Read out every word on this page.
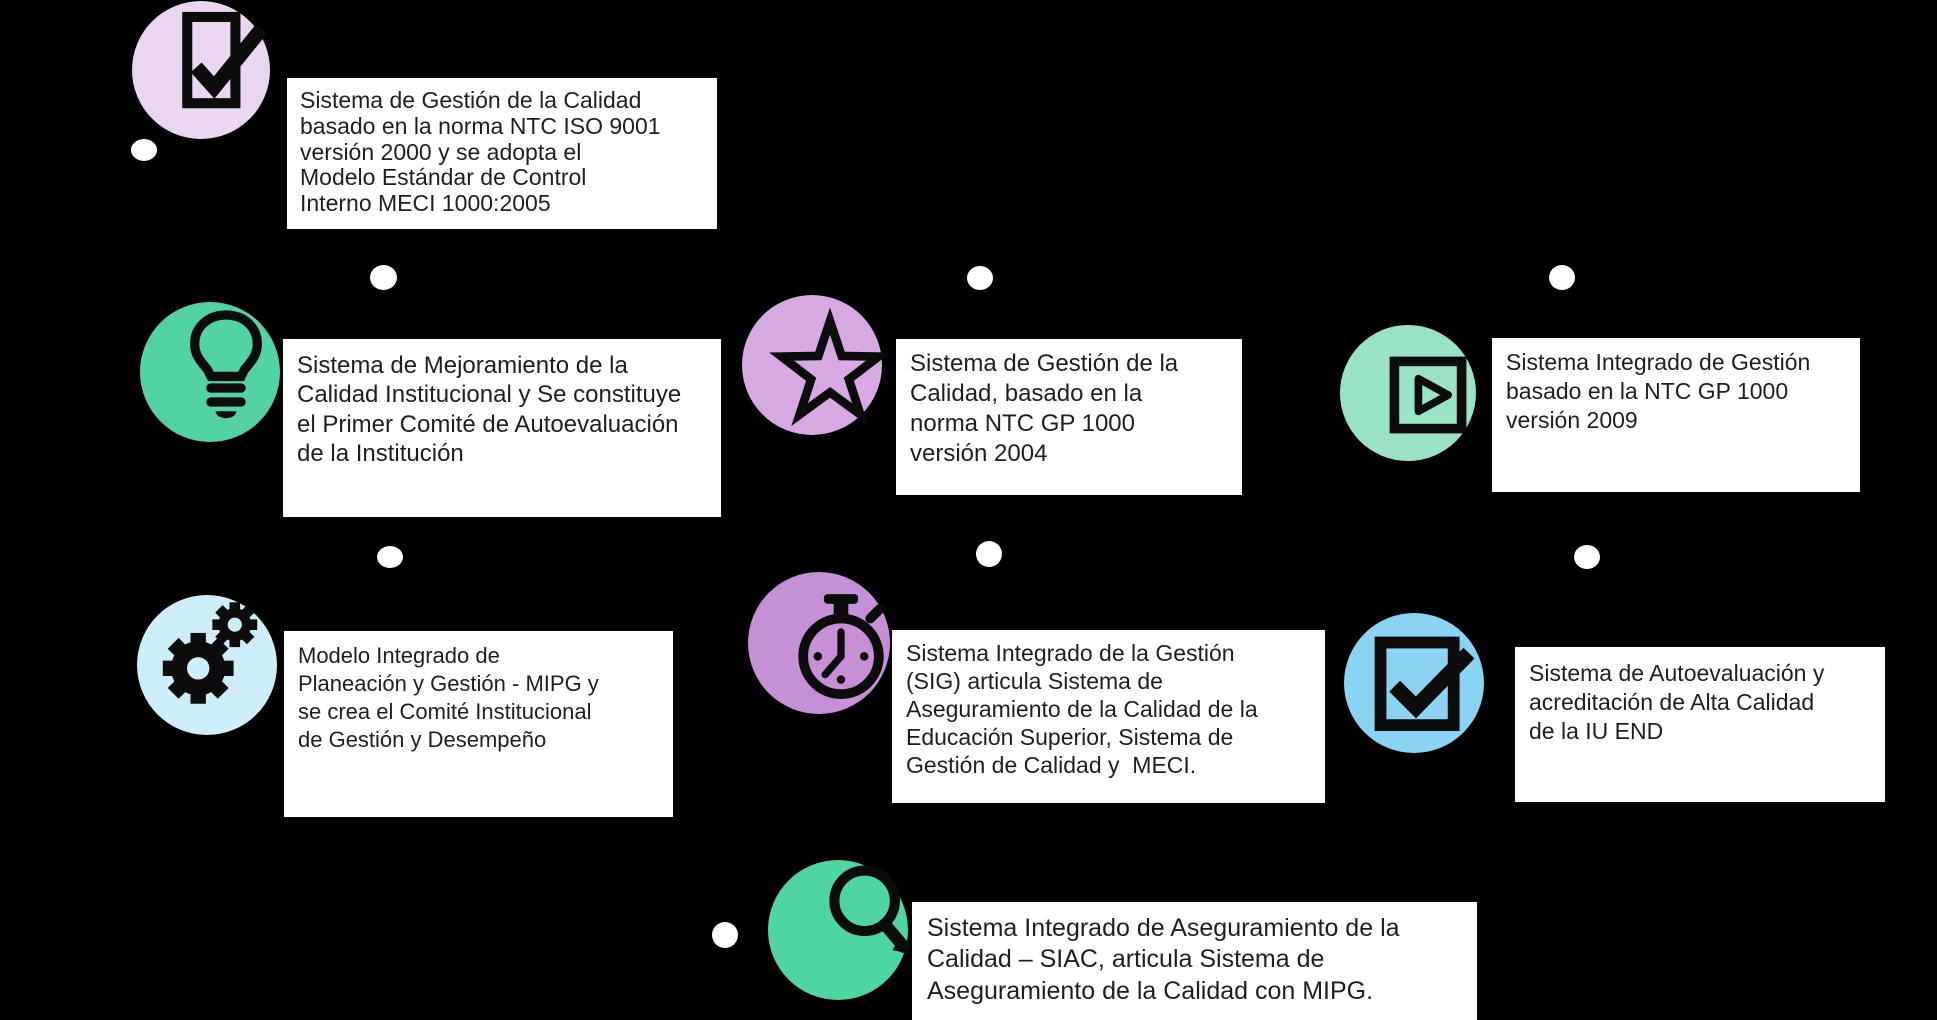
Sistema de Gestión de la Calidad
basado en la norma NTC ISO 9001
versión 2000 y se adopta el
Modelo Estándar de Control
Interno MECI 1000:2005
Sistema de Mejoramiento de la
Calidad Institucional y Se constituye
el Primer Comité de Autoevaluación
de la Institución
Sistema de Gestión de la
Calidad, basado en la
norma NTC GP 1000
versión 2004
Sistema Integrado de Gestión
basado en la NTC GP 1000
versión 2009
Modelo Integrado de
Planeación y Gestión - MIPG y
se crea el Comité Institucional
de Gestión y Desempeño
Sistema Integrado de la Gestión
(SIG) articula Sistema de
Aseguramiento de la Calidad de la
Educación Superior, Sistema de
Gestión de Calidad y  MECI.
Sistema de Autoevaluación y
acreditación de Alta Calidad
de la IU END
Sistema Integrado de Aseguramiento de la
Calidad – SIAC, articula Sistema de
Aseguramiento de la Calidad con MIPG.
